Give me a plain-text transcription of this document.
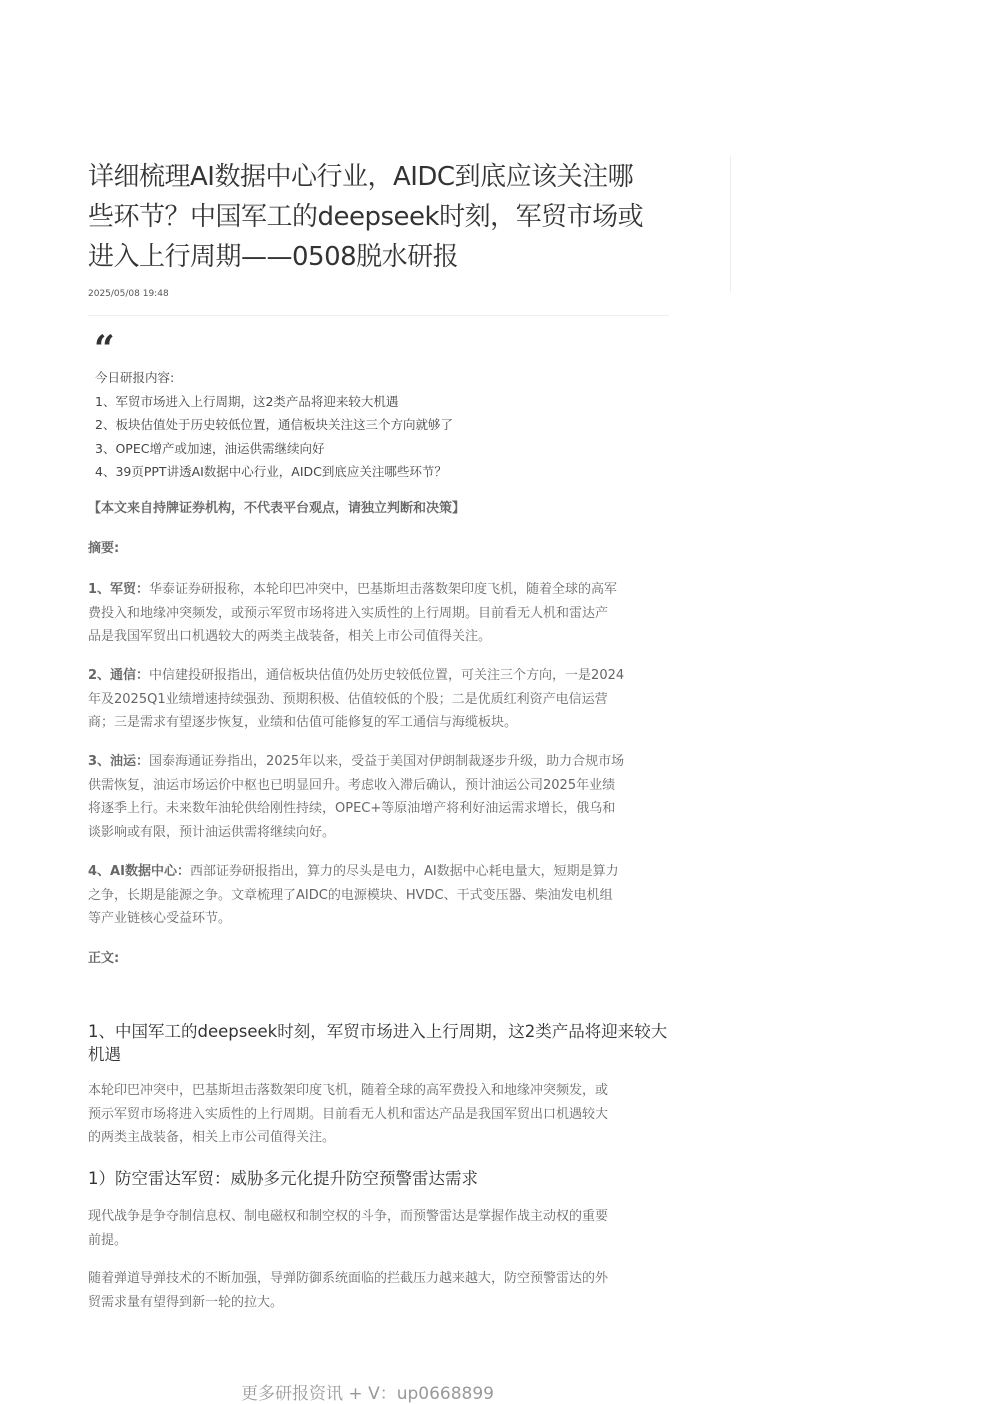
详细梳理AI数据中心行业，AIDC到底应该关注哪
些环节？中国军工的deepseek时刻，军贸市场或
进入上行周期——0508脱水研报
2025/05/08 19:48
“
今日研报内容:
1、军贸市场进入上行周期，这2类产品将迎来较大机遇
2、板块估值处于历史较低位置，通信板块关注这三个方向就够了
3、OPEC增产或加速，油运供需继续向好
4、39页PPT讲透AI数据中心行业，AIDC到底应关注哪些环节？
【本文来自持牌证券机构，不代表平台观点，请独立判断和决策】
摘要:
1、军贸：华泰证券研报称，本轮印巴冲突中，巴基斯坦击落数架印度飞机，随着全球的高军
费投入和地缘冲突频发，或预示军贸市场将进入实质性的上行周期。目前看无人机和雷达产
品是我国军贸出口机遇较大的两类主战装备，相关上市公司值得关注。
2、通信：中信建投研报指出，通信板块估值仍处历史较低位置，可关注三个方向，一是2024
年及2025Q1业绩增速持续强劲、预期积极、估值较低的个股；二是优质红利资产电信运营
商；三是需求有望逐步恢复，业绩和估值可能修复的军工通信与海缆板块。
3、油运：国泰海通证券指出，2025年以来，受益于美国对伊朗制裁逐步升级，助力合规市场
供需恢复，油运市场运价中枢也已明显回升。考虑收入滞后确认，预计油运公司2025年业绩
将逐季上行。未来数年油轮供给刚性持续，OPEC+等原油增产将利好油运需求增长，俄乌和
谈影响或有限，预计油运供需将继续向好。
4、AI数据中心：西部证券研报指出，算力的尽头是电力，AI数据中心耗电量大，短期是算力
之争，长期是能源之争。文章梳理了AIDC的电源模块、HVDC、干式变压器、柴油发电机组
等产业链核心受益环节。
正文:
1、中国军工的deepseek时刻，军贸市场进入上行周期，这2类产品将迎来较大
机遇
本轮印巴冲突中，巴基斯坦击落数架印度飞机，随着全球的高军费投入和地缘冲突频发，或
预示军贸市场将进入实质性的上行周期。目前看无人机和雷达产品是我国军贸出口机遇较大
的两类主战装备，相关上市公司值得关注。
1）防空雷达军贸：威胁多元化提升防空预警雷达需求
现代战争是争夺制信息权、制电磁权和制空权的斗争，而预警雷达是掌握作战主动权的重要
前提。
随着弹道导弹技术的不断加强，导弹防御系统面临的拦截压力越来越大，防空预警雷达的外
贸需求量有望得到新一轮的拉大。
更多研报资讯 + V：up0668899
